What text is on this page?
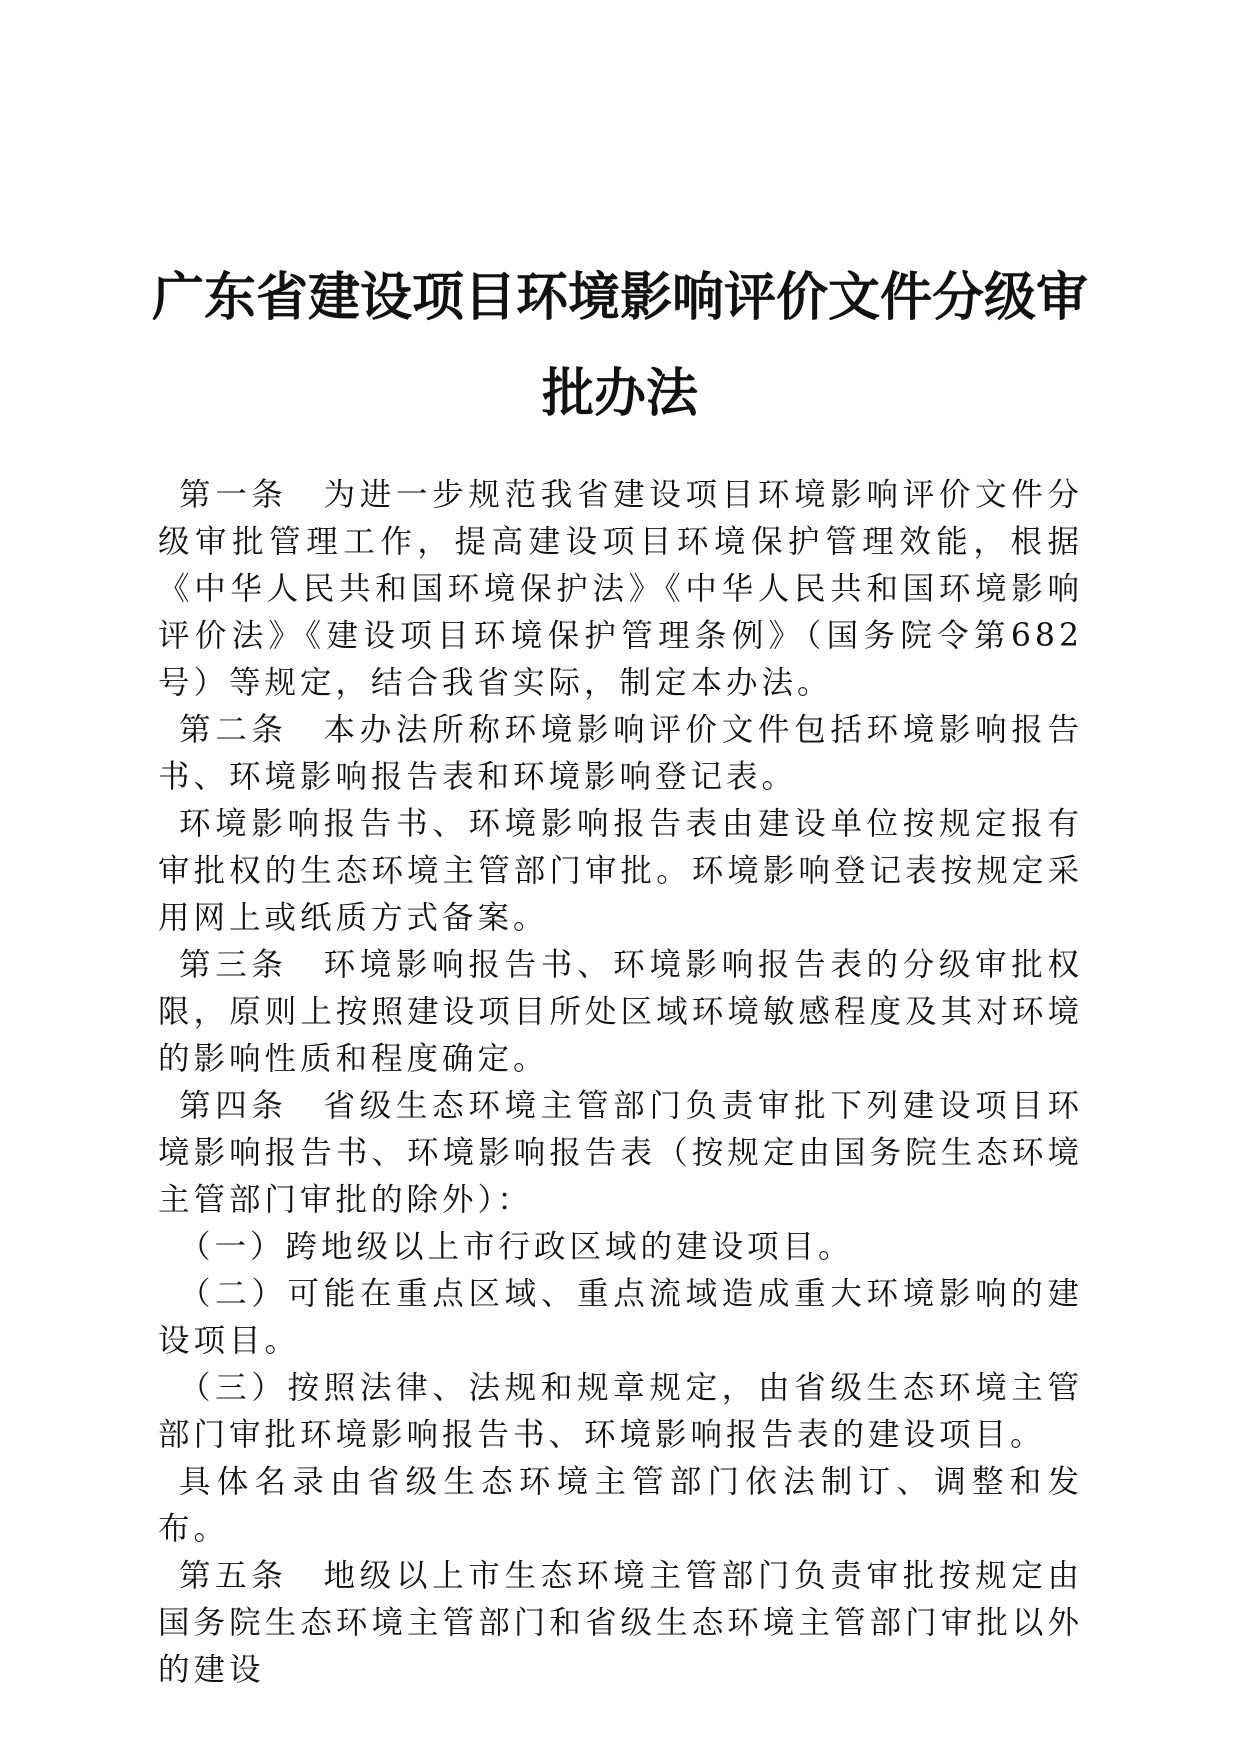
广东省建设项目环境影响评价文件分级审批办法

第一条 为进一步规范我省建设项目环境影响评价文件分级审批管理工作，提高建设项目环境保护管理效能，根据《中华人民共和国环境保护法》《中华人民共和国环境影响评价法》《建设项目环境保护管理条例》（国务院令第682号）等规定，结合我省实际，制定本办法。

第二条 本办法所称环境影响评价文件包括环境影响报告书、环境影响报告表和环境影响登记表。

环境影响报告书、环境影响报告表由建设单位按规定报有审批权的生态环境主管部门审批。环境影响登记表按规定采用网上或纸质方式备案。

第三条 环境影响报告书、环境影响报告表的分级审批权限，原则上按照建设项目所处区域环境敏感程度及其对环境的影响性质和程度确定。

第四条 省级生态环境主管部门负责审批下列建设项目环境影响报告书、环境影响报告表（按规定由国务院生态环境主管部门审批的除外）：

（一）跨地级以上市行政区域的建设项目。

（二）可能在重点区域、重点流域造成重大环境影响的建设项目。

（三）按照法律、法规和规章规定，由省级生态环境主管部门审批环境影响报告书、环境影响报告表的建设项目。

具体名录由省级生态环境主管部门依法制订、调整和发布。

第五条 地级以上市生态环境主管部门负责审批按规定由国务院生态环境主管部门和省级生态环境主管部门审批以外的建设
